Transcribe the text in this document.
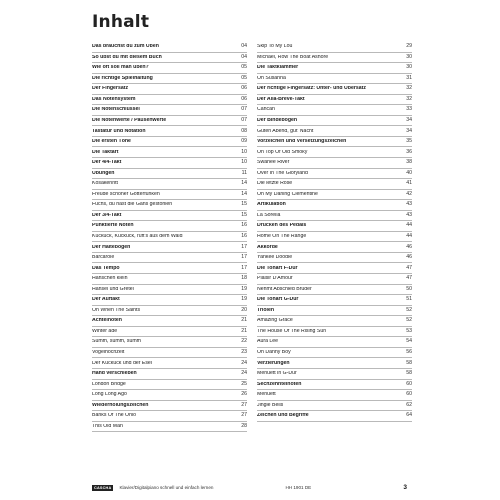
Inhalt
Das brauchst du zum Üben	04
So übst du mit diesem Buch	04
Wie oft soll man üben?	05
Die richtige Spielhaltung	05
Der Fingersatz	06
Das Notensystem	06
Die Notenschlüssel	07
Die Notenwerte / Pausenwerte	07
Tastatur und Notation	08
Die ersten Töne	09
Die Taktart	10
Der 4/4-Takt	10
Übungen	11
Kosakenritt	14
Freude schöner Götterfunken	14
Fuchs, du hast die Gans gestohlen	15
Der 3/4-Takt	15
Punktierte Noten	16
Kuckuck, Kuckuck, ruft's aus dem Wald	16
Der Haltebogen	17
Barcarole	17
Das Tempo	17
Hänschen klein	18
Hänsel und Gretel	19
Der Auftakt	19
Oh When The Saints	20
Achtelnoten	21
Winter ade	21
Summ, summ, summ	22
Vogelhochzeit	23
Der Kuckuck und der Esel	24
Hand verschieben	24
London Bridge	25
Long Long Ago	26
Wiederholungszeichen	27
Banks Of The Ohio	27
This Old Man	28
Skip To My Lou	29
Michael, Row The Boat Ashore	30
Die Taktklammer	30
Oh Susanna	31
Der richtige Fingersatz: Unter- und Übersatz	32
Der Alla-Breve-Takt	32
Cancan	33
Der Bindebogen	34
Guten Abend, gut' Nacht	34
Vorzeichen und Versetzungszeichen	35
On Top Of Old Smoky	36
Swanee River	38
Over In The Gloryland	40
Die letzte Rose	41
Oh My Darling Clementine	42
Artikulation	43
La Sorella	43
Drücken des Pedals	44
Home On The Range	44
Akkorde	46
Yankee Doodle	46
Die Tonart F-Dur	47
Plaisir D'Amour	47
Nehmt Abschied Brüder	50
Die Tonart G-Dur	51
Triolen	52
Amazing Grace	52
The House Of The Rising Sun	53
Aura Lee	54
Oh Danny Boy	56
Verzierungen	58
Menuett in G-Dur	58
Sechzehntelnoten	60
Menuett	60
Jingle Bells	62
Zeichen und Begriffe	64
CASCHA	Klavier/Digitalpiano schnell und einfach lernen	HH 1901 DE	3
